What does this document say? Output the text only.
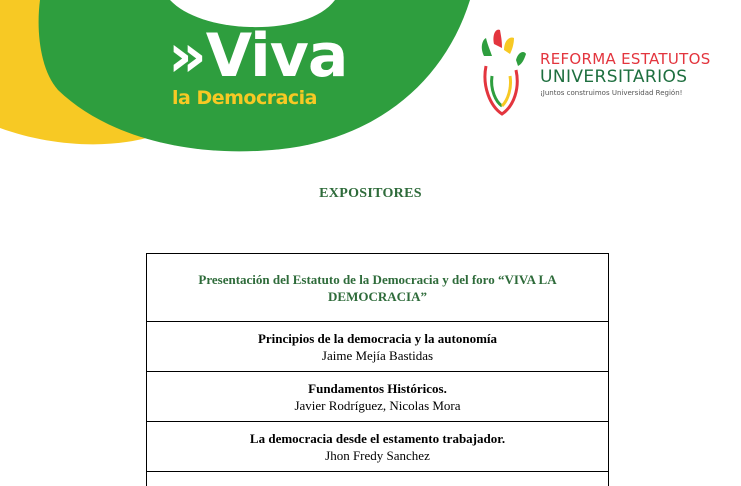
»Viva
la Democracia
REFORMA ESTATUTOS
UNIVERSITARIOS
¡Juntos construimos Universidad Región!
EXPOSITORES
Presentación del Estatuto de la Democracia y del foro “VIVA LA DEMOCRACIA”

Principios de la democracia y la autonomía
Jaime Mejía Bastidas

Fundamentos Históricos.
Javier Rodríguez, Nicolas Mora

La democracia desde el estamento trabajador.
Jhon Fredy Sanchez
